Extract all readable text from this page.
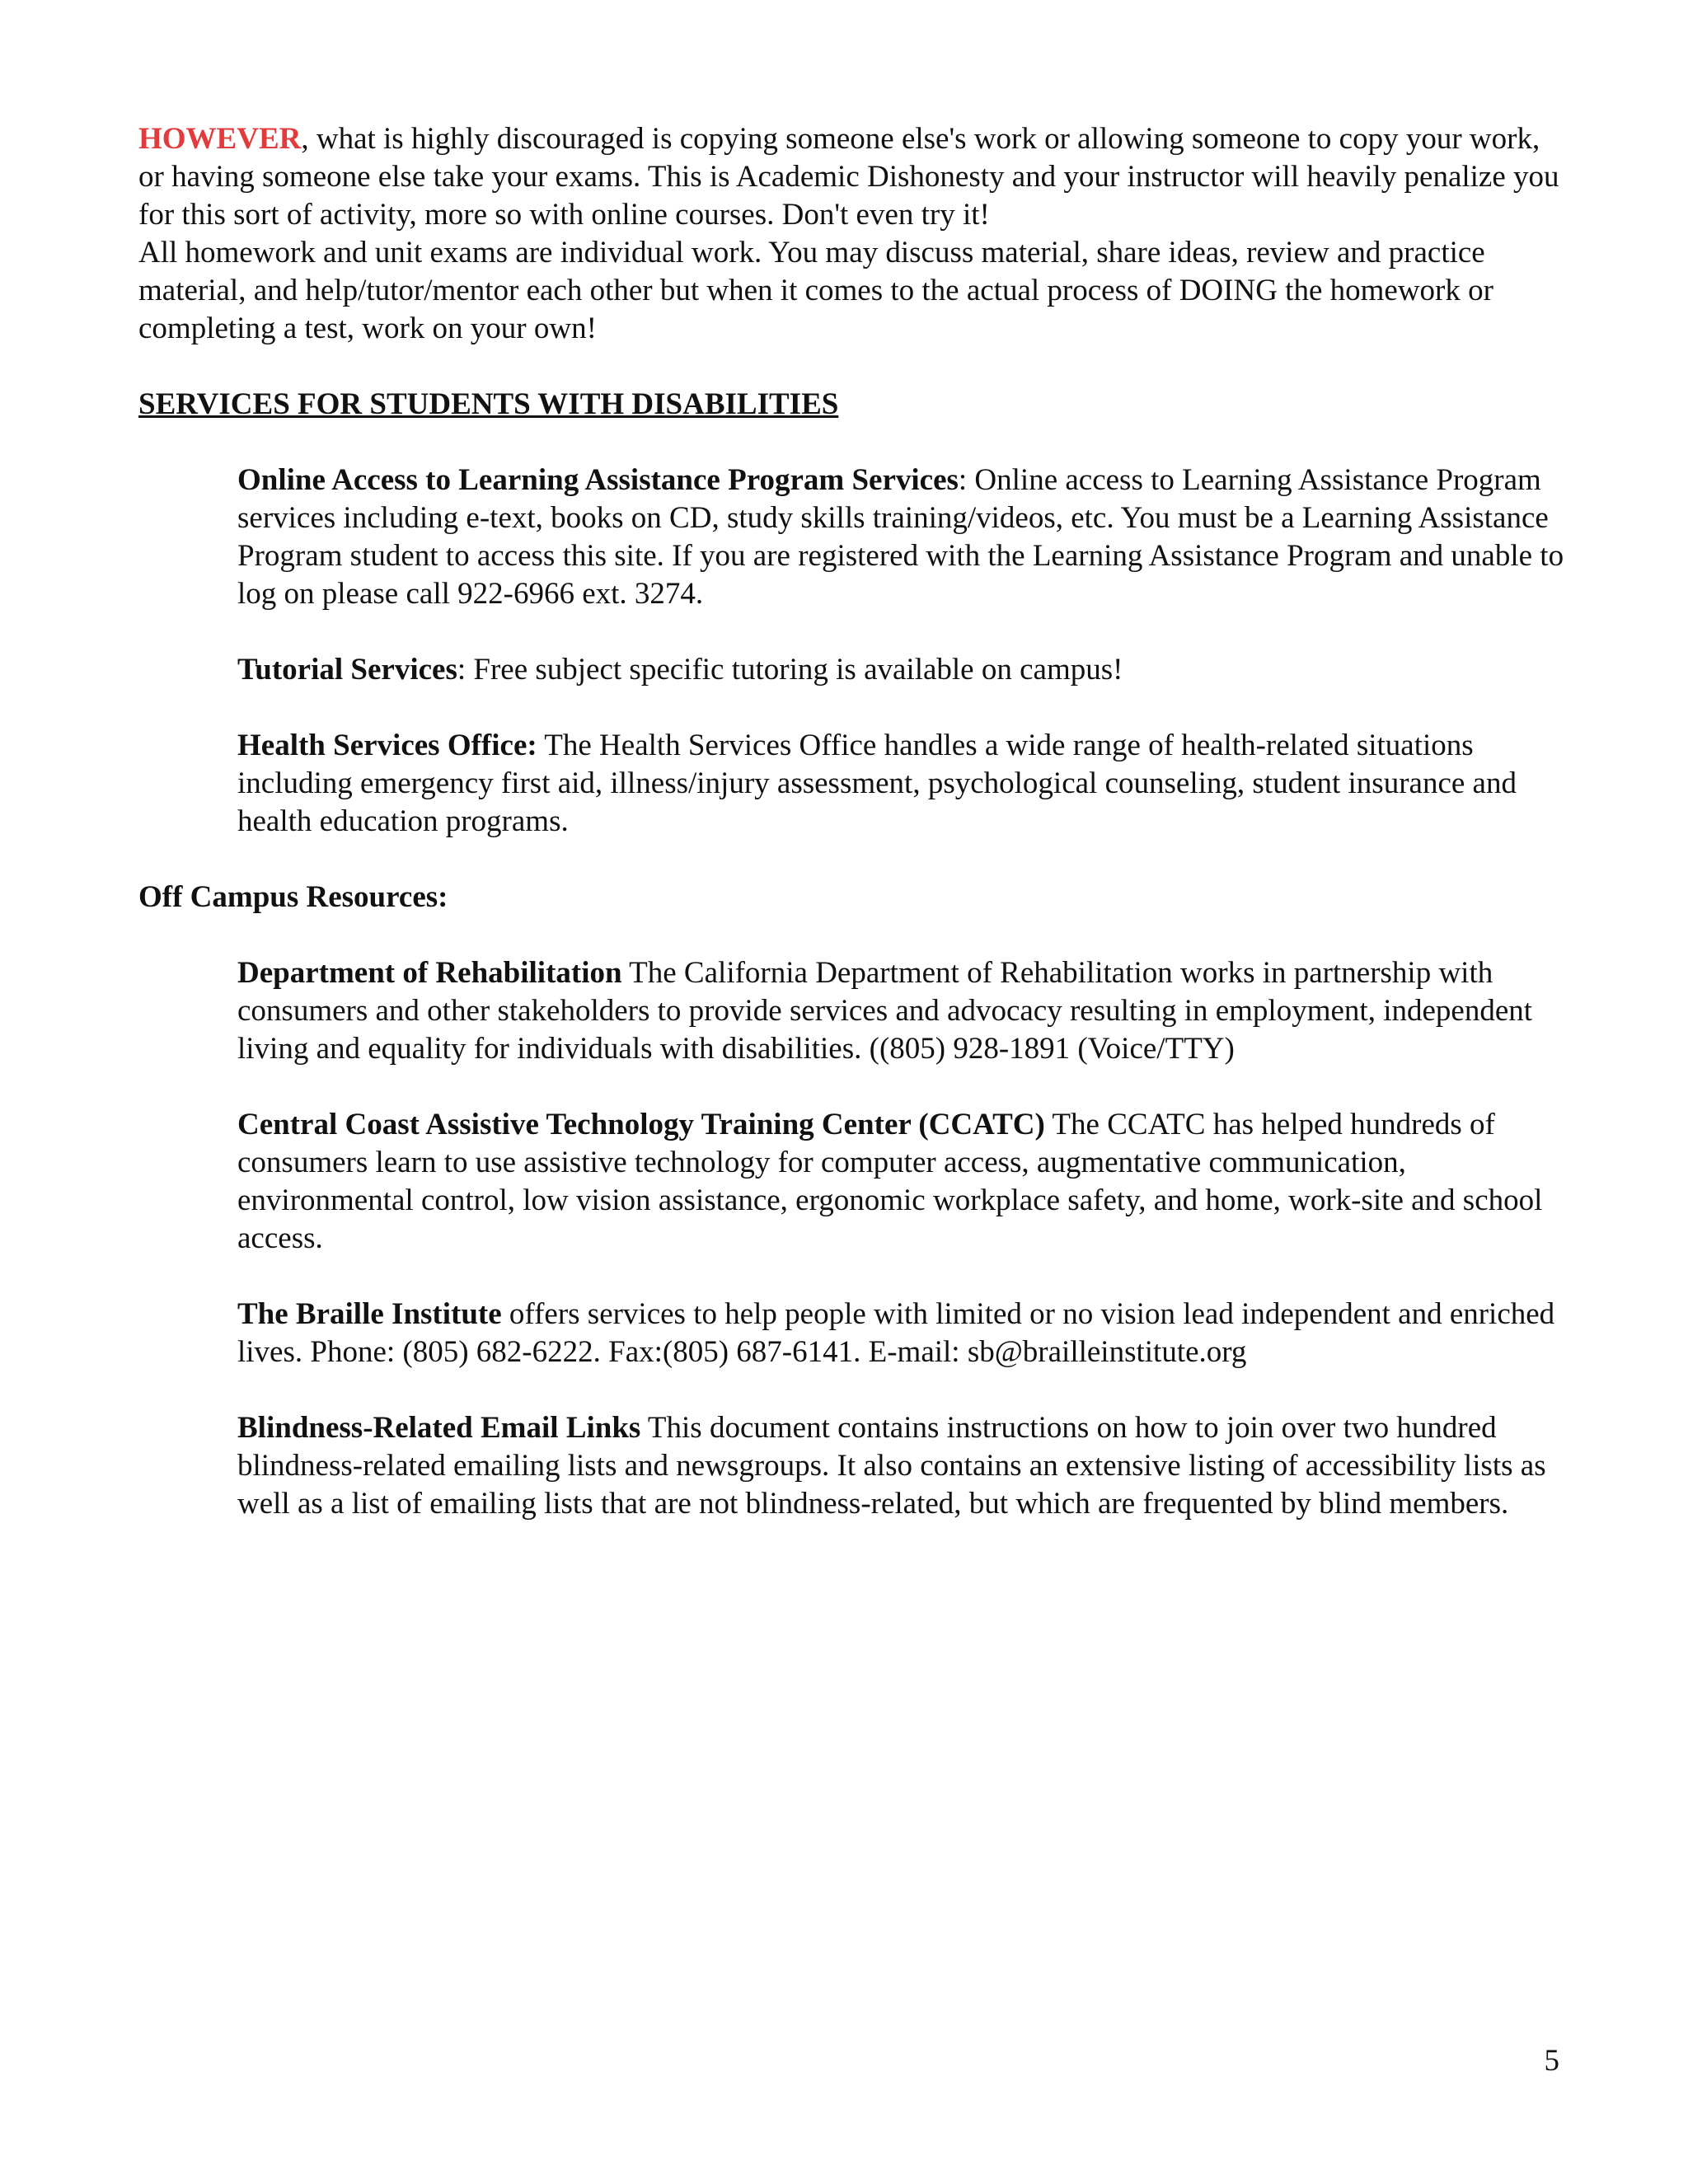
HOWEVER, what is highly discouraged is copying someone else's work or allowing someone to copy your work, or having someone else take your exams. This is Academic Dishonesty and your instructor will heavily penalize you for this sort of activity, more so with online courses. Don't even try it!

All homework and unit exams are individual work. You may discuss material, share ideas, review and practice material, and help/tutor/mentor each other but when it comes to the actual process of DOING the homework or completing a test, work on your own!

SERVICES FOR STUDENTS WITH DISABILITIES

Online Access to Learning Assistance Program Services: Online access to Learning Assistance Program services including e-text, books on CD, study skills training/videos, etc. You must be a Learning Assistance Program student to access this site. If you are registered with the Learning Assistance Program and unable to log on please call 922-6966 ext. 3274.

Tutorial Services: Free subject specific tutoring is available on campus!

Health Services Office: The Health Services Office handles a wide range of health-related situations including emergency first aid, illness/injury assessment, psychological counseling, student insurance and health education programs.

Off Campus Resources:

Department of Rehabilitation The California Department of Rehabilitation works in partnership with consumers and other stakeholders to provide services and advocacy resulting in employment, independent living and equality for individuals with disabilities. ((805) 928-1891 (Voice/TTY)

Central Coast Assistive Technology Training Center (CCATC) The CCATC has helped hundreds of consumers learn to use assistive technology for computer access, augmentative communication, environmental control, low vision assistance, ergonomic workplace safety, and home, work-site and school access.

The Braille Institute offers services to help people with limited or no vision lead independent and enriched lives. Phone: (805) 682-6222. Fax:(805) 687-6141. E-mail: sb@brailleinstitute.org

Blindness-Related Email Links This document contains instructions on how to join over two hundred blindness-related emailing lists and newsgroups. It also contains an extensive listing of accessibility lists as well as a list of emailing lists that are not blindness-related, but which are frequented by blind members.

5
